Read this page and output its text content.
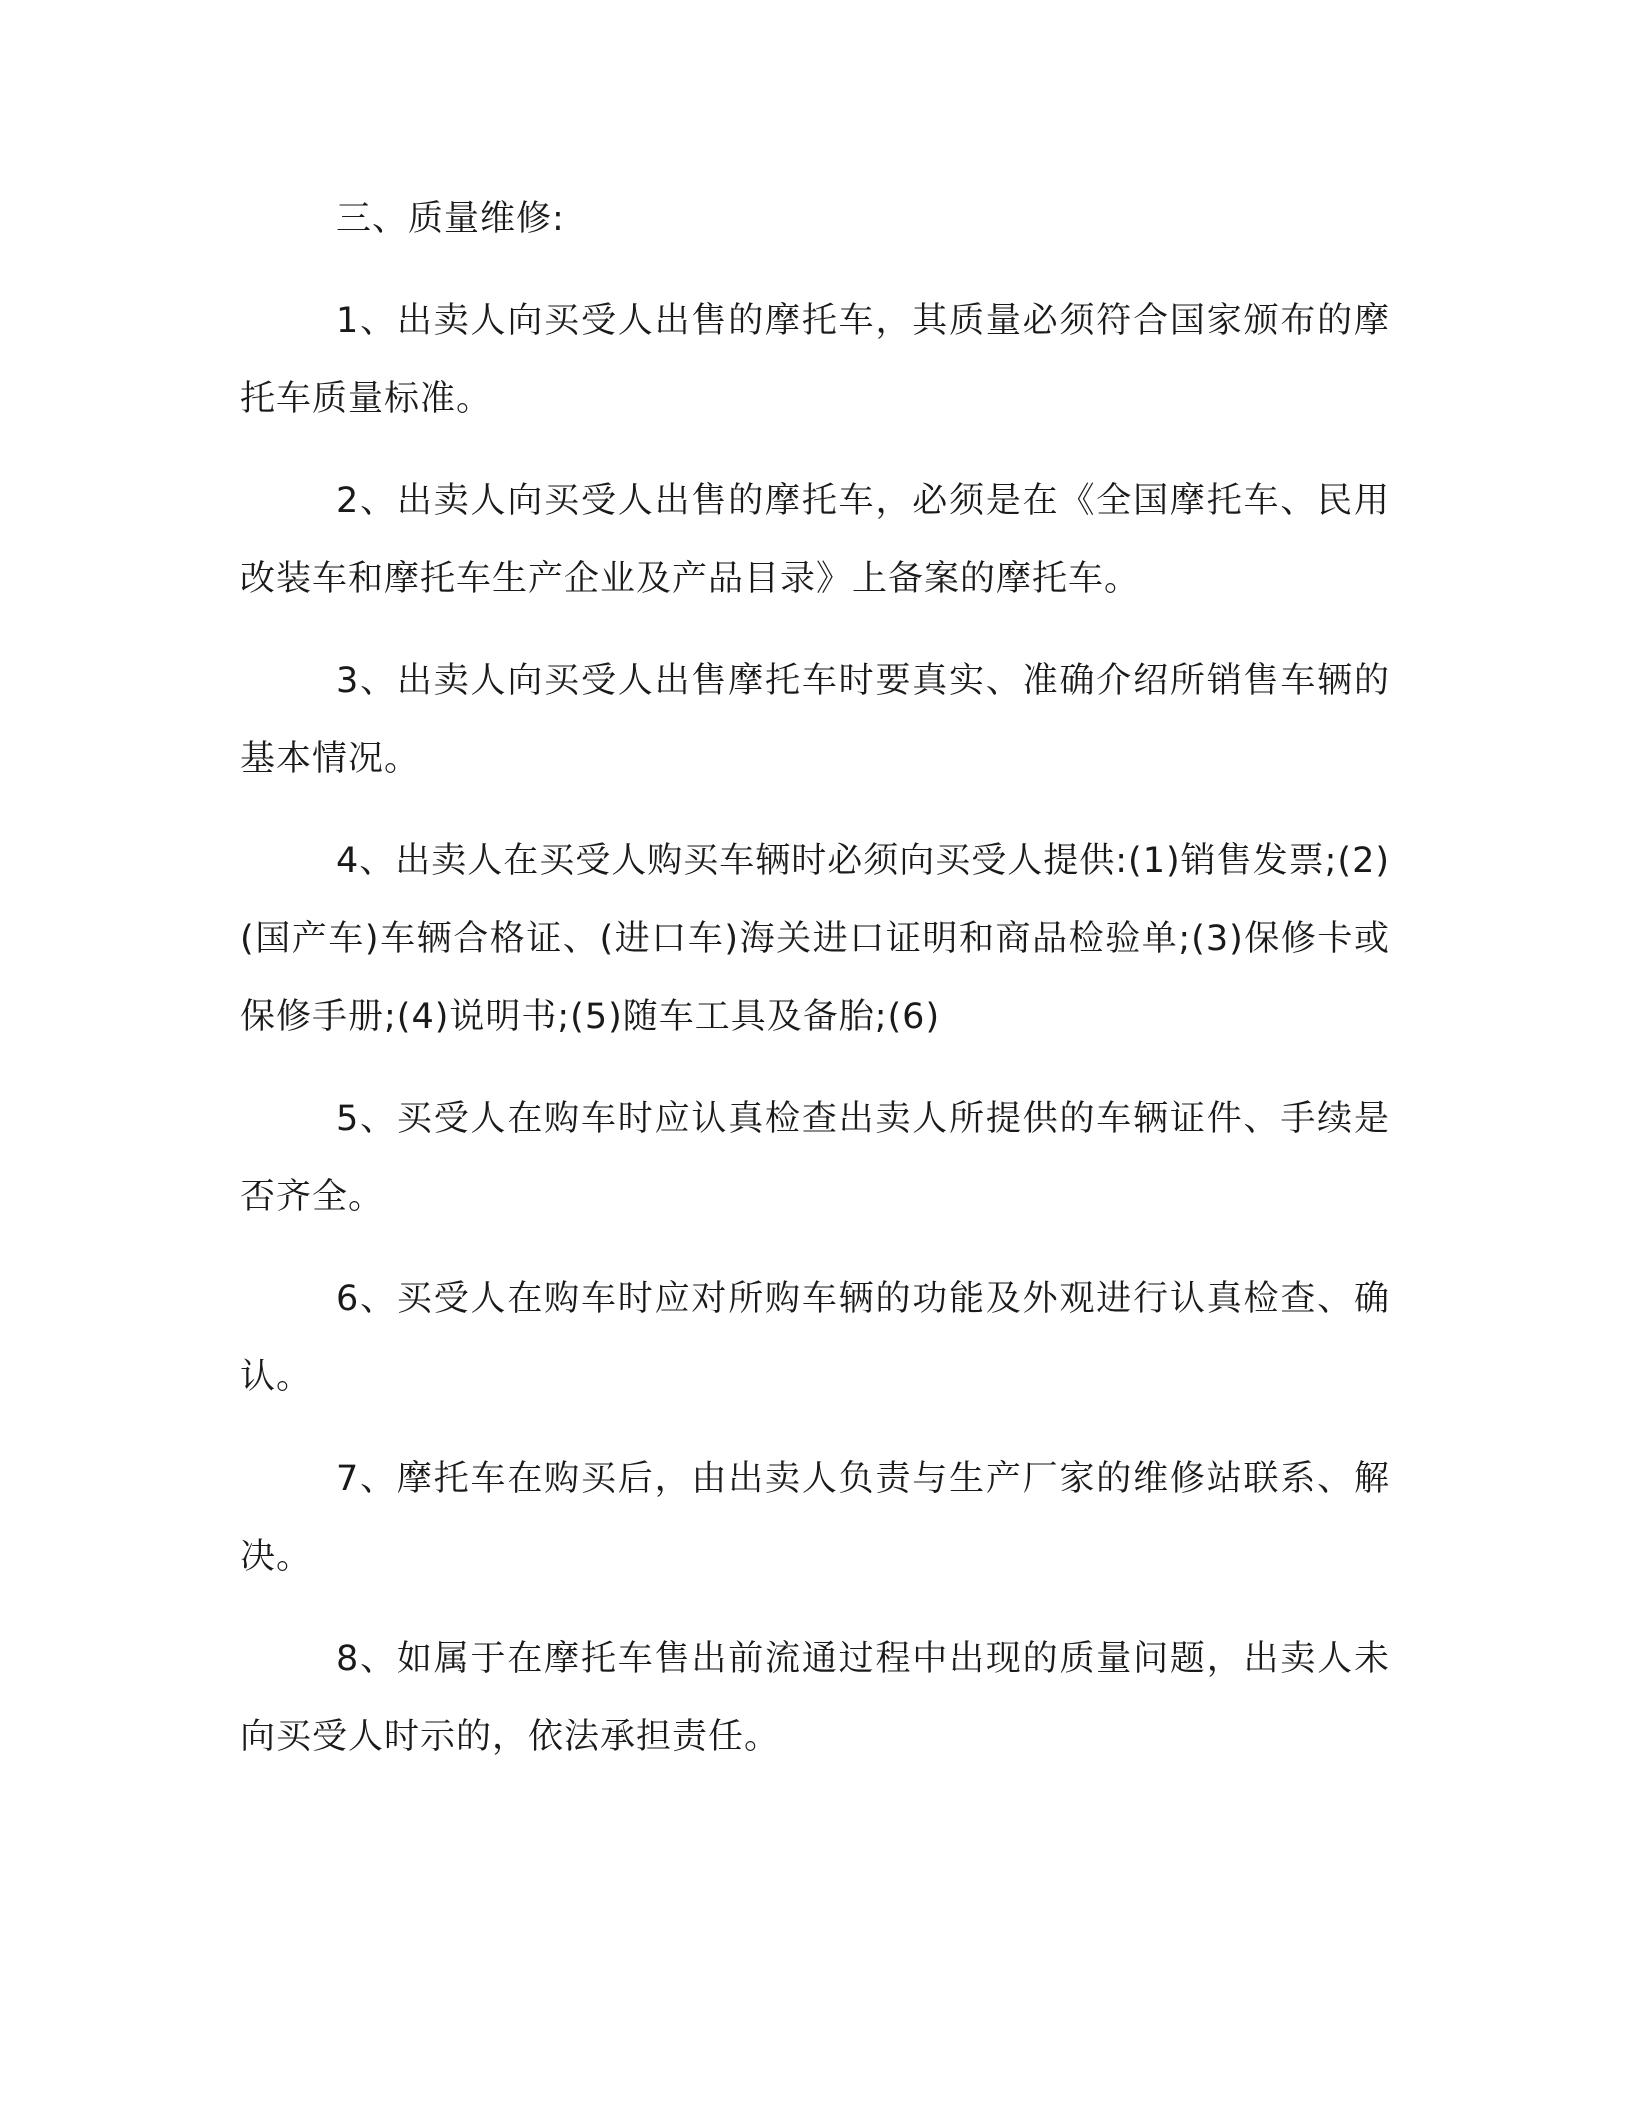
三、质量维修:

1、出卖人向买受人出售的摩托车，其质量必须符合国家颁布的摩托车质量标准。

2、出卖人向买受人出售的摩托车，必须是在《全国摩托车、民用改装车和摩托车生产企业及产品目录》上备案的摩托车。

3、出卖人向买受人出售摩托车时要真实、准确介绍所销售车辆的基本情况。

4、出卖人在买受人购买车辆时必须向买受人提供:(1)销售发票;(2)(国产车)车辆合格证、(进口车)海关进口证明和商品检验单;(3)保修卡或保修手册;(4)说明书;(5)随车工具及备胎;(6)

5、买受人在购车时应认真检查出卖人所提供的车辆证件、手续是否齐全。

6、买受人在购车时应对所购车辆的功能及外观进行认真检查、确认。

7、摩托车在购买后，由出卖人负责与生产厂家的维修站联系、解决。

8、如属于在摩托车售出前流通过程中出现的质量问题，出卖人未向买受人时示的，依法承担责任。
